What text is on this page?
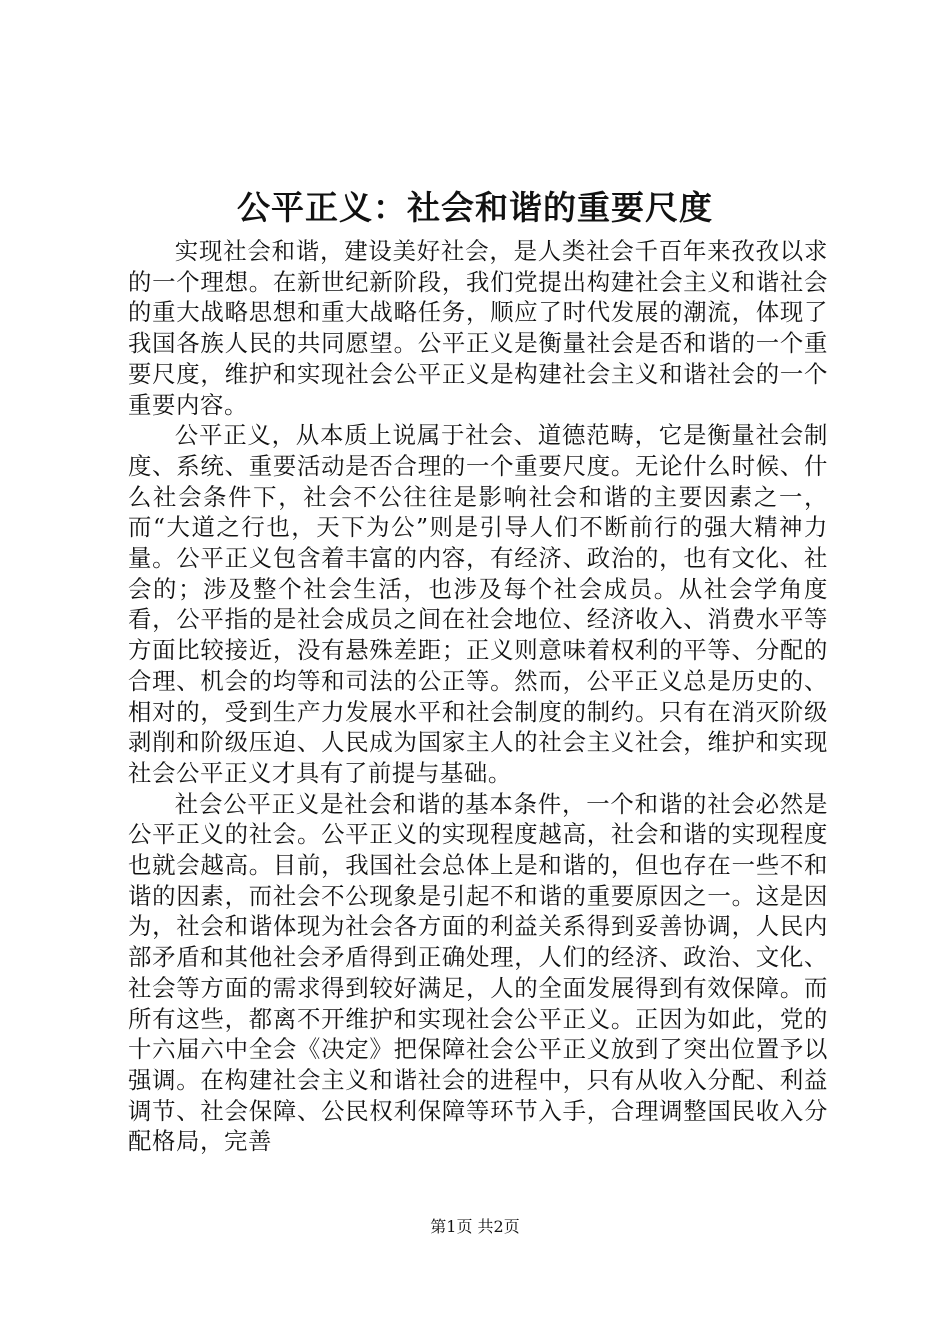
公平正义：社会和谐的重要尺度

实现社会和谐，建设美好社会，是人类社会千百年来孜孜以求的一个理想。在新世纪新阶段，我们党提出构建社会主义和谐社会的重大战略思想和重大战略任务，顺应了时代发展的潮流，体现了我国各族人民的共同愿望。公平正义是衡量社会是否和谐的一个重要尺度，维护和实现社会公平正义是构建社会主义和谐社会的一个重要内容。

公平正义，从本质上说属于社会、道德范畴，它是衡量社会制度、系统、重要活动是否合理的一个重要尺度。无论什么时候、什么社会条件下，社会不公往往是影响社会和谐的主要因素之一，而“大道之行也，天下为公”则是引导人们不断前行的强大精神力量。公平正义包含着丰富的内容，有经济、政治的，也有文化、社会的；涉及整个社会生活，也涉及每个社会成员。从社会学角度看，公平指的是社会成员之间在社会地位、经济收入、消费水平等方面比较接近，没有悬殊差距；正义则意味着权利的平等、分配的合理、机会的均等和司法的公正等。然而，公平正义总是历史的、相对的，受到生产力发展水平和社会制度的制约。只有在消灭阶级剥削和阶级压迫、人民成为国家主人的社会主义社会，维护和实现社会公平正义才具有了前提与基础。

社会公平正义是社会和谐的基本条件，一个和谐的社会必然是公平正义的社会。公平正义的实现程度越高，社会和谐的实现程度也就会越高。目前，我国社会总体上是和谐的，但也存在一些不和谐的因素，而社会不公现象是引起不和谐的重要原因之一。这是因为，社会和谐体现为社会各方面的利益关系得到妥善协调，人民内部矛盾和其他社会矛盾得到正确处理，人们的经济、政治、文化、社会等方面的需求得到较好满足，人的全面发展得到有效保障。而所有这些，都离不开维护和实现社会公平正义。正因为如此，党的十六届六中全会《决定》把保障社会公平正义放到了突出位置予以强调。在构建社会主义和谐社会的进程中，只有从收入分配、利益调节、社会保障、公民权利保障等环节入手，合理调整国民收入分配格局，完善

第1页 共2页
